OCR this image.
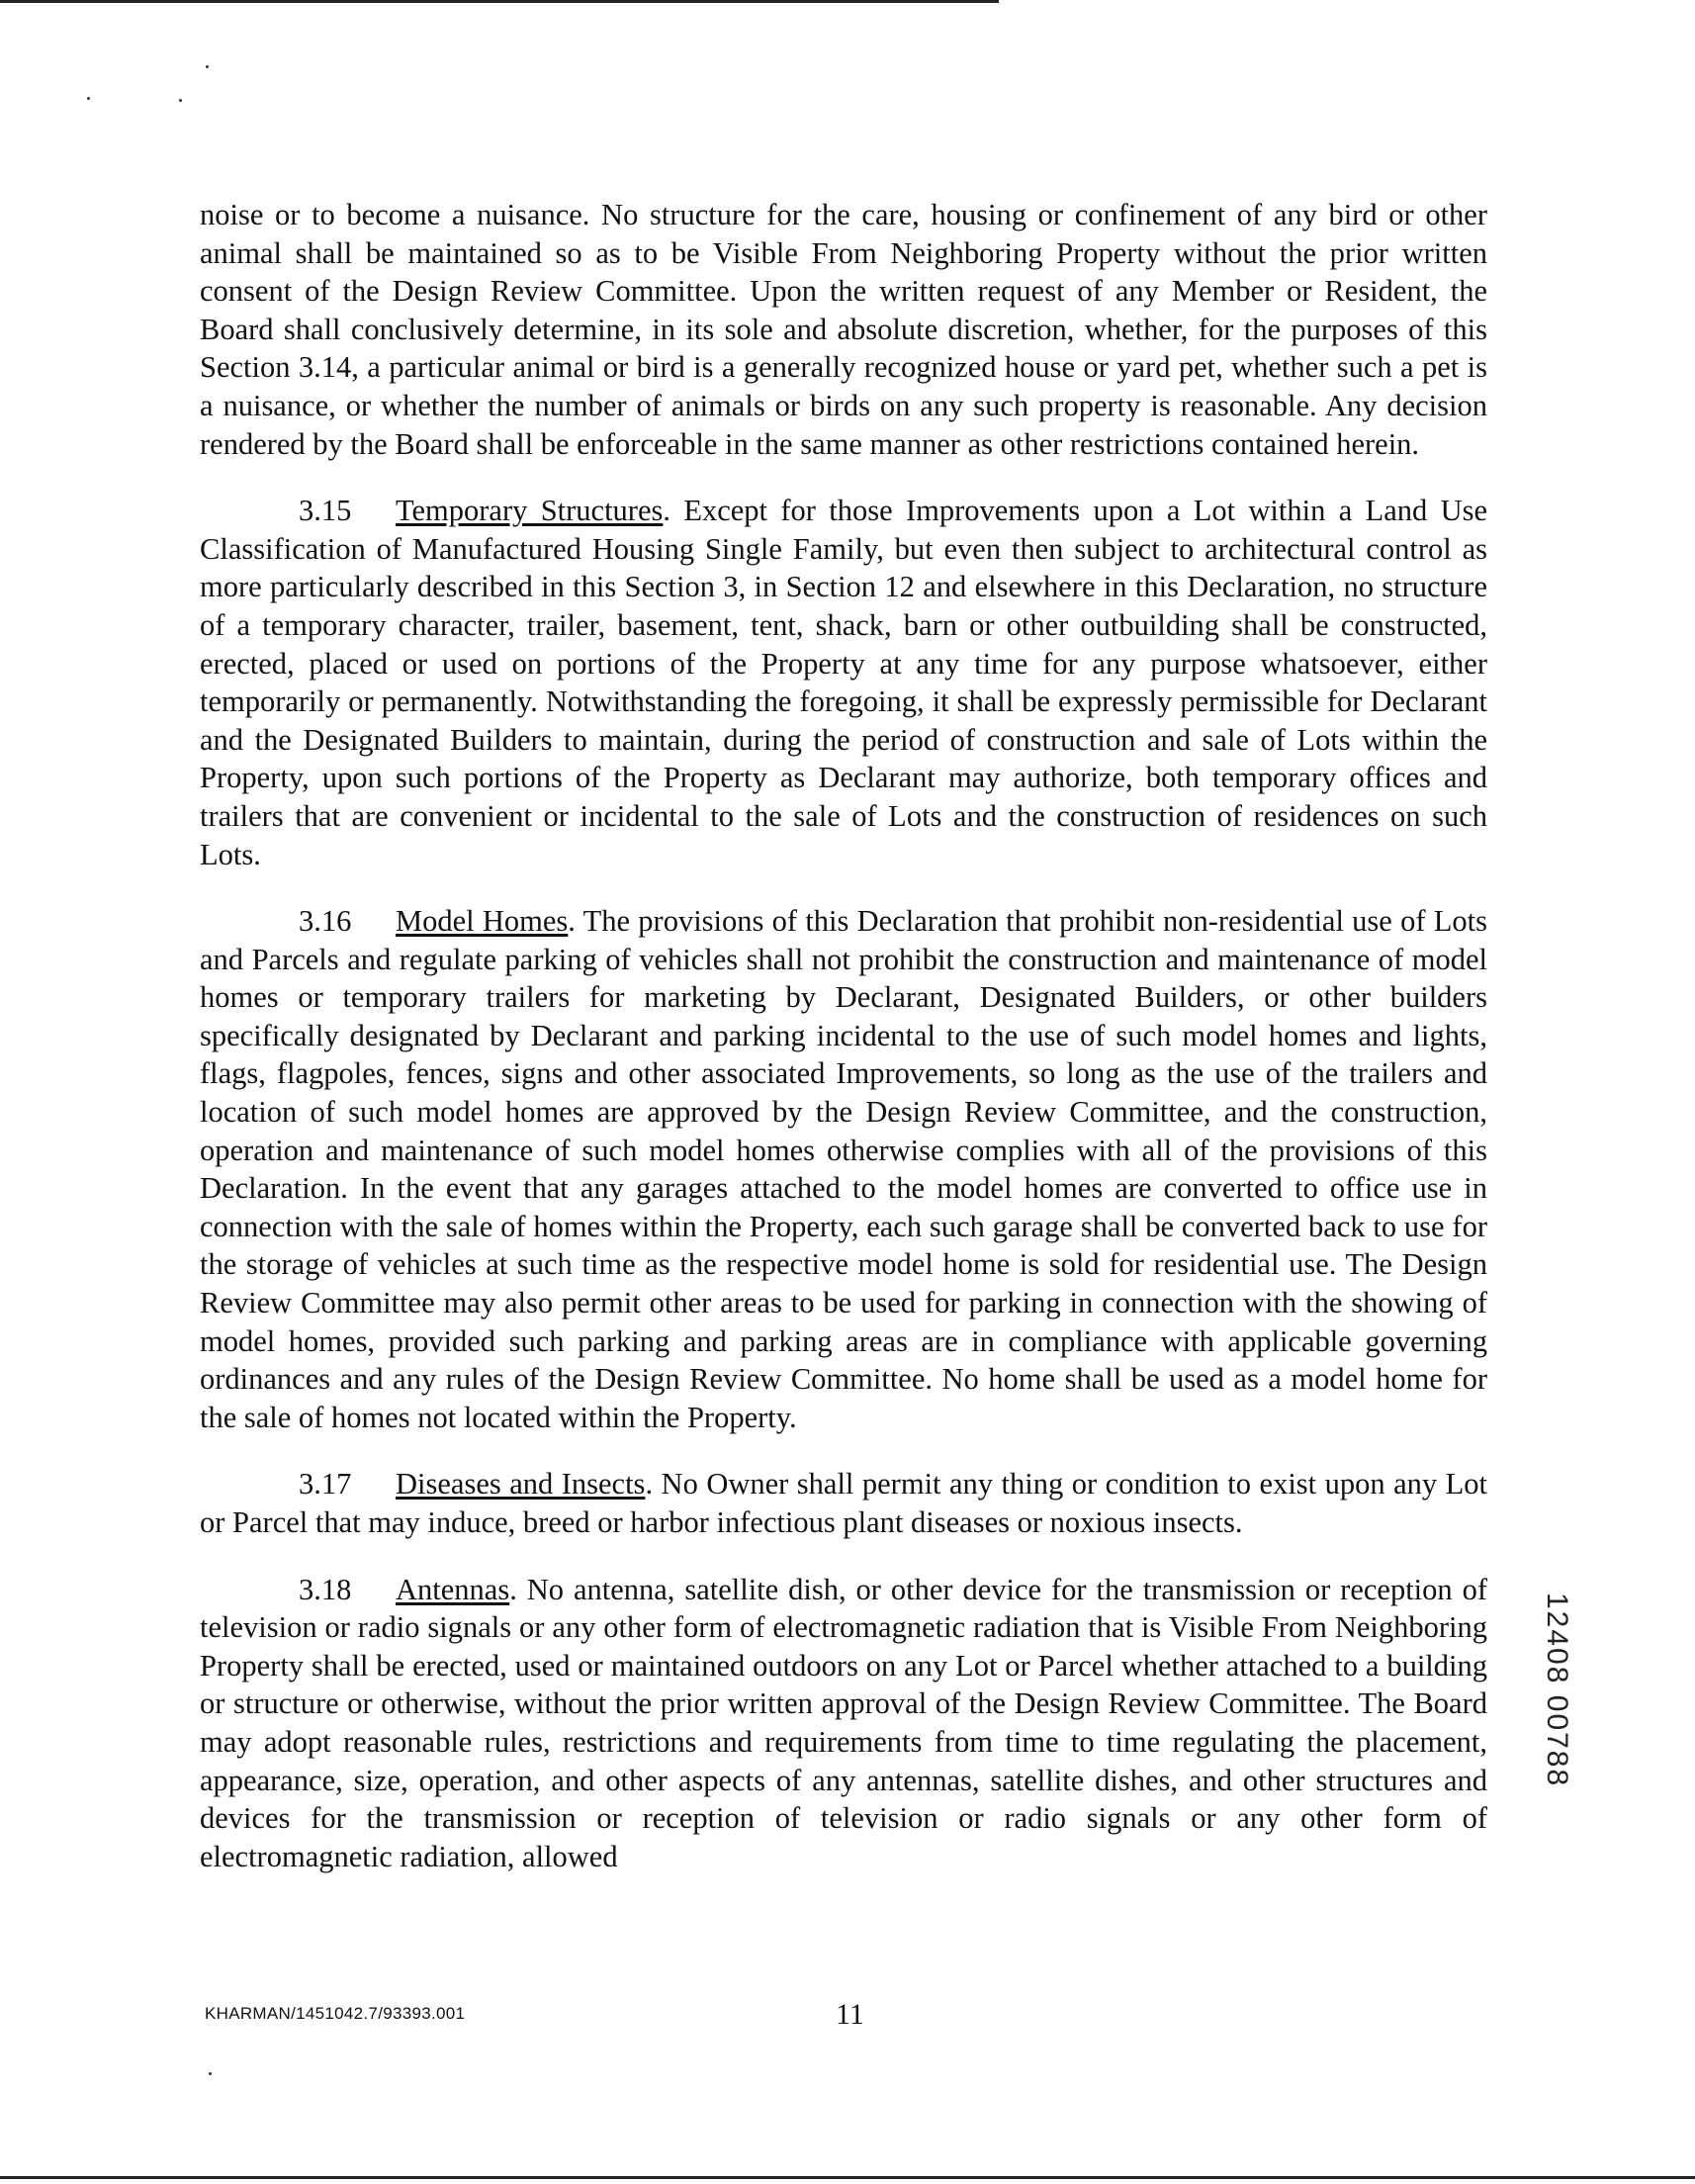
noise or to become a nuisance. No structure for the care, housing or confinement of any bird or other animal shall be maintained so as to be Visible From Neighboring Property without the prior written consent of the Design Review Committee. Upon the written request of any Member or Resident, the Board shall conclusively determine, in its sole and absolute discretion, whether, for the purposes of this Section 3.14, a particular animal or bird is a generally recognized house or yard pet, whether such a pet is a nuisance, or whether the number of animals or birds on any such property is reasonable. Any decision rendered by the Board shall be enforceable in the same manner as other restrictions contained herein.

3.15 Temporary Structures. Except for those Improvements upon a Lot within a Land Use Classification of Manufactured Housing Single Family, but even then subject to architectural control as more particularly described in this Section 3, in Section 12 and elsewhere in this Declaration, no structure of a temporary character, trailer, basement, tent, shack, barn or other outbuilding shall be constructed, erected, placed or used on portions of the Property at any time for any purpose whatsoever, either temporarily or permanently. Notwithstanding the foregoing, it shall be expressly permissible for Declarant and the Designated Builders to maintain, during the period of construction and sale of Lots within the Property, upon such portions of the Property as Declarant may authorize, both temporary offices and trailers that are convenient or incidental to the sale of Lots and the construction of residences on such Lots.

3.16 Model Homes. The provisions of this Declaration that prohibit non-residential use of Lots and Parcels and regulate parking of vehicles shall not prohibit the construction and maintenance of model homes or temporary trailers for marketing by Declarant, Designated Builders, or other builders specifically designated by Declarant and parking incidental to the use of such model homes and lights, flags, flagpoles, fences, signs and other associated Improvements, so long as the use of the trailers and location of such model homes are approved by the Design Review Committee, and the construction, operation and maintenance of such model homes otherwise complies with all of the provisions of this Declaration. In the event that any garages attached to the model homes are converted to office use in connection with the sale of homes within the Property, each such garage shall be converted back to use for the storage of vehicles at such time as the respective model home is sold for residential use. The Design Review Committee may also permit other areas to be used for parking in connection with the showing of model homes, provided such parking and parking areas are in compliance with applicable governing ordinances and any rules of the Design Review Committee. No home shall be used as a model home for the sale of homes not located within the Property.

3.17 Diseases and Insects. No Owner shall permit any thing or condition to exist upon any Lot or Parcel that may induce, breed or harbor infectious plant diseases or noxious insects.

3.18 Antennas. No antenna, satellite dish, or other device for the transmission or reception of television or radio signals or any other form of electromagnetic radiation that is Visible From Neighboring Property shall be erected, used or maintained outdoors on any Lot or Parcel whether attached to a building or structure or otherwise, without the prior written approval of the Design Review Committee. The Board may adopt reasonable rules, restrictions and requirements from time to time regulating the placement, appearance, size, operation, and other aspects of any antennas, satellite dishes, and other structures and devices for the transmission or reception of television or radio signals or any other form of electromagnetic radiation, allowed

12408 00788
KHARMAN/1451042.7/93393.001	11
